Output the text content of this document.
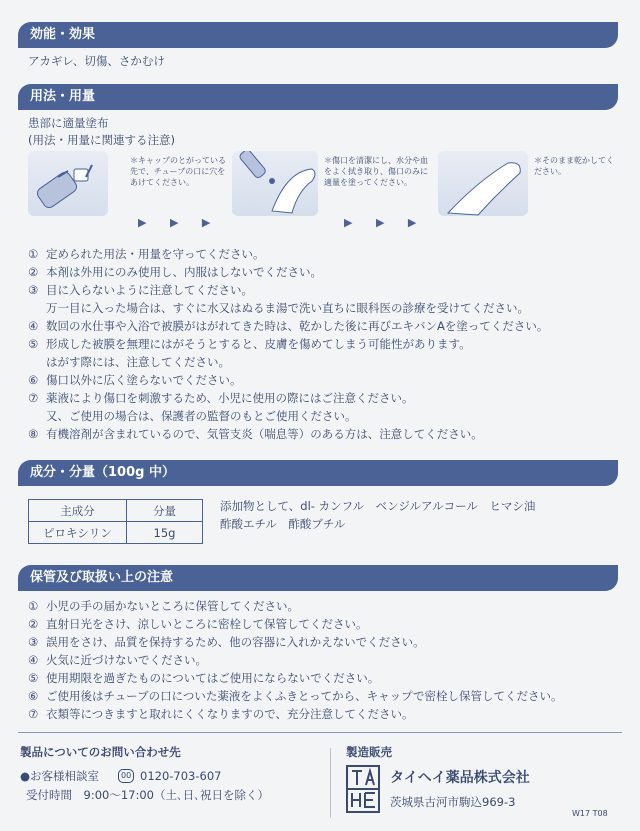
効能・効果
アカギレ、切傷、さかむけ
用法・用量
患部に適量塗布
(用法・用量に関連する注意)
＊キャップのとがっている先で、チューブの口に穴をあけてください。
＊傷口を清潔にし、水分や血をよく拭き取り、傷口のみに適量を塗ってください。
＊そのまま乾かしてください。
▶ ▶ ▶	▶ ▶ ▶
① 定められた用法・用量を守ってください。
② 本剤は外用にのみ使用し、内服はしないでください。
③ 目に入らないように注意してください。
万一目に入った場合は、すぐに水又はぬるま湯で洗い直ちに眼科医の診療を受けてください。
④ 数回の水仕事や入浴で被膜がはがれてきた時は、乾かした後に再びエキバンAを塗ってください。
⑤ 形成した被膜を無理にはがそうとすると、皮膚を傷めてしまう可能性があります。
はがす際には、注意してください。
⑥ 傷口以外に広く塗らないでください。
⑦ 薬液により傷口を刺激するため、小児に使用の際にはご注意ください。
又、ご使用の場合は、保護者の監督のもとご使用ください。
⑧ 有機溶剤が含まれているので、気管支炎（喘息等）のある方は、注意してください。
成分・分量（100g 中）
主成分	分量
ピロキシリン	15g
添加物として、dl- カンフル　ベンジルアルコール　ヒマシ油
酢酸エチル　酢酸ブチル
保管及び取扱い上の注意
① 小児の手の届かないところに保管してください。
② 直射日光をさけ、涼しいところに密栓して保管してください。
③ 誤用をさけ、品質を保持するため、他の容器に入れかえないでください。
④ 火気に近づけないでください。
⑤ 使用期限を過ぎたものについてはご使用にならないでください。
⑥ ご使用後はチューブの口についた薬液をよくふきとってから、キャップで密栓し保管してください。
⑦ 衣類等につきますと取れにくくなりますので、充分注意してください。
製品についてのお問い合わせ先
●お客様相談室	00 0120-703-607
受付時間　9:00～17:00（土､日､祝日を除く）
製造販売
タイヘイ薬品株式会社
茨城県古河市駒込969-3
W17 T08
